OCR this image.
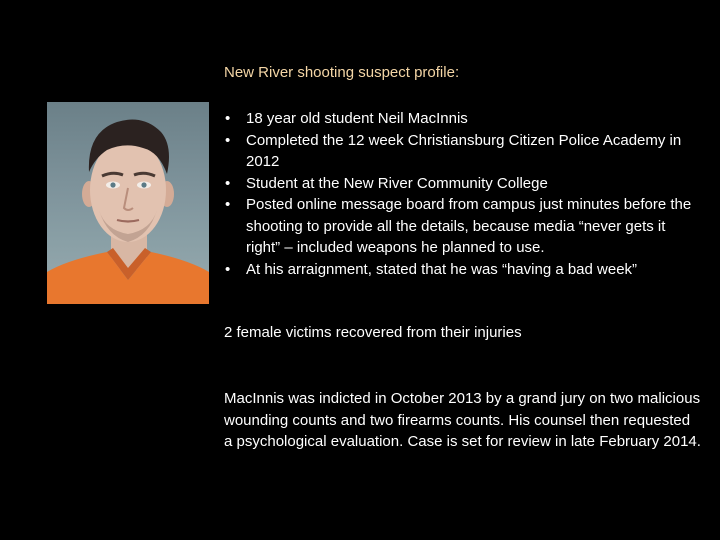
New River shooting suspect profile:
• 18 year old student Neil MacInnis
• Completed the 12 week Christiansburg Citizen Police Academy in 2012
• Student at the New River Community College
• Posted online message board from campus just minutes before the shooting to provide all the details, because media “never gets it right” – included weapons he planned to use.
• At his arraignment, stated that he was “having a bad week”
2 female victims recovered from their injuries
MacInnis was indicted in October 2013 by a grand jury on two malicious wounding counts and two firearms counts. His counsel then requested a psychological evaluation. Case is set for review in late February 2014.
